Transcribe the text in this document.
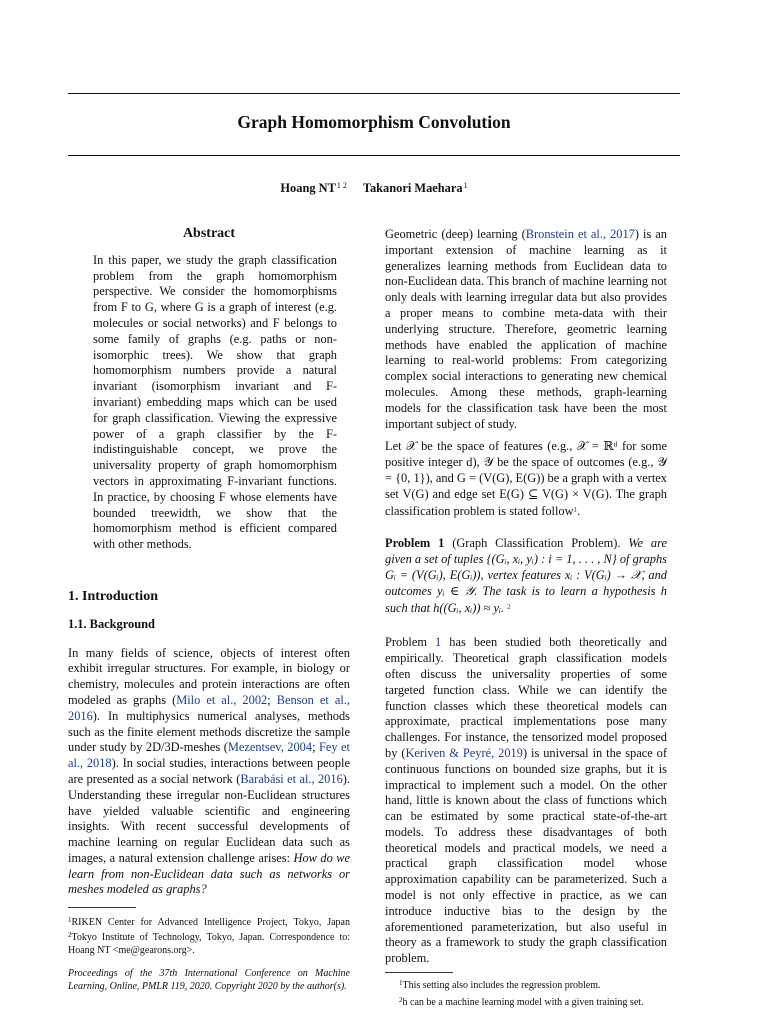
Graph Homomorphism Convolution
Hoang $NT^{1 2}$ Takanori Maehara$^1$
Abstract

In this paper, we study the graph classification problem from the graph homomorphism perspective. We consider the homomorphisms from F to G, where G is a graph of interest (e.g. molecules or social networks) and F belongs to some family of graphs (e.g. paths or non-isomorphic trees). We show that graph homomorphism numbers provide a natural invariant (isomorphism invariant and F-invariant) embedding maps which can be used for graph classification. Viewing the expressive power of a graph classifier by the F-indistinguishable concept, we prove the universality property of graph homomorphism vectors in approximating F-invariant functions. In practice, by choosing F whose elements have bounded treewidth, we show that the homomorphism method is efficient compared with other methods.

1. Introduction
1.1. Background

In many fields of science, objects of interest often exhibit irregular structures. For example, in biology or chemistry, molecules and protein interactions are often modeled as graphs (Milo et al., 2002; Benson et al., 2016). In multiphysics numerical analyses, methods such as the finite element methods discretize the sample under study by 2D/3D-meshes (Mezentsev, 2004; Fey et al., 2018). In social studies, interactions between people are presented as a social network (Barabási et al., 2016). Understanding these irregular non-Euclidean structures have yielded valuable scientific and engineering insights. With recent successful developments of machine learning on regular Euclidean data such as images, a natural extension challenge arises: How do we learn from non-Euclidean data such as networks or meshes modeled as graphs?

$^1$RIKEN Center for Advanced Intelligence Project, Tokyo, Japan $^2$Tokyo Institute of Technology, Tokyo, Japan. Correspondence to: Hoang NT <me@gearons.org>.

Proceedings of the 37th International Conference on Machine Learning, Online, PMLR 119, 2020. Copyright 2020 by the author(s).

Geometric (deep) learning (Bronstein et al., 2017) is an important extension of machine learning as it generalizes learning methods from Euclidean data to non-Euclidean data. This branch of machine learning not only deals with learning irregular data but also provides a proper means to combine meta-data with their underlying structure. Therefore, geometric learning methods have enabled the application of machine learning to real-world problems: From categorizing complex social interactions to generating new chemical molecules. Among these methods, graph-learning models for the classification task have been the most important subject of study.

Let 𝒳 be the space of features (e.g., 𝒳 = ℝᵈ for some positive integer d), 𝒴 be the space of outcomes (e.g., 𝒴 = {0, 1}), and G = (V(G), E(G)) be a graph with a vertex set V(G) and edge set E(G) ⊆ V(G) × V(G). The graph classification problem is stated follow$^1$.

Problem 1 (Graph Classification Problem). We are given a set of tuples {(Gᵢ, xᵢ, yᵢ) : i = 1, . . . , N} of graphs Gᵢ = (V(Gᵢ), E(Gᵢ)), vertex features xᵢ : V(Gᵢ) → 𝒳, and outcomes yᵢ ∈ 𝒴. The task is to learn a hypothesis h such that h((Gᵢ, xᵢ)) ≈ yᵢ. $^2$

Problem 1 has been studied both theoretically and empirically. Theoretical graph classification models often discuss the universality properties of some targeted function class. While we can identify the function classes which these theoretical models can approximate, practical implementations pose many challenges. For instance, the tensorized model proposed by (Keriven & Peyré, 2019) is universal in the space of continuous functions on bounded size graphs, but it is impractical to implement such a model. On the other hand, little is known about the class of functions which can be estimated by some practical state-of-the-art models. To address these disadvantages of both theoretical models and practical models, we need a practical graph classification model whose approximation capability can be parameterized. Such a model is not only effective in practice, as we can introduce inductive bias to the design by the aforementioned parameterization, but also useful in theory as a framework to study the graph classification problem.

$^1$This setting also includes the regression problem.

$^2$h can be a machine learning model with a given training set.
